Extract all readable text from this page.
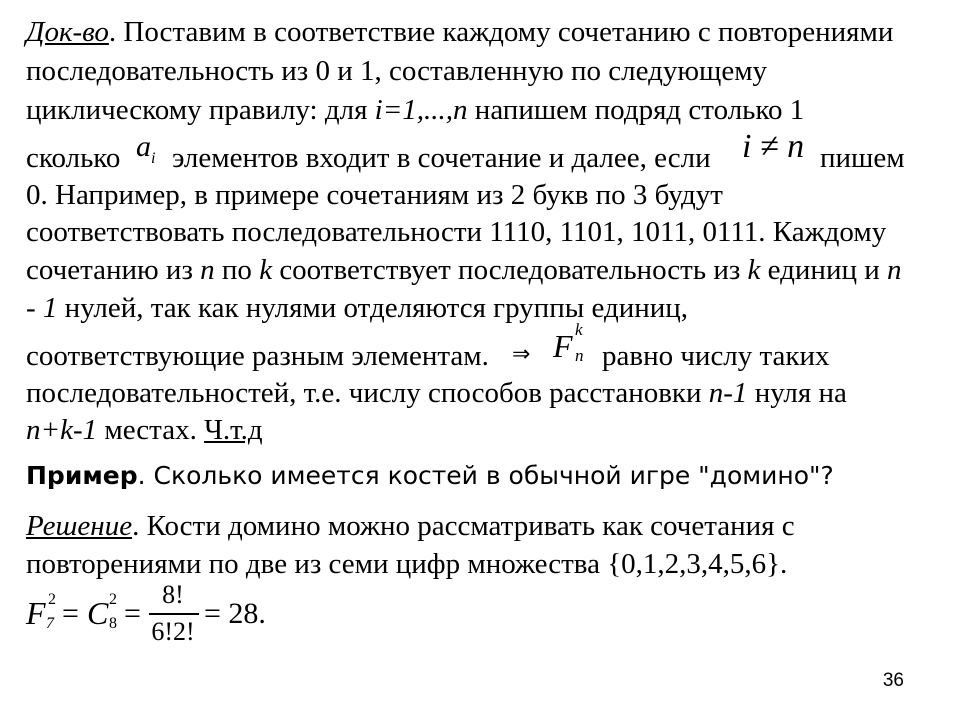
Док-во. Поставим в соответствие каждому сочетанию с повторениями
последовательность из 0 и 1, составленную по следующему
циклическому правилу: для i=1,...,n напишем подряд столько 1
сколько $a_i$ элементов входит в сочетание и далее, если i ≠ n пишем
0. Например, в примере сочетаниям из 2 букв по 3 будут
соответствовать последовательности 1110, 1101, 1011, 0111. Каждому
сочетанию из n по k соответствует последовательность из k единиц и n
- 1 нулей, так как нулями отделяются группы единиц,
соответствующие разным элементам. ⇒ F k
n равно числу таких
последовательностей, т.е. числу способов расстановки n-1 нуля на
n+k-1 местах. Ч.т.д
Пример. Сколько имеется костей в обычной игре "домино"?
Решение. Кости домино можно рассматривать как сочетания с
повторениями по две из семи цифр множества {0,1,2,3,4,5,6}.
F 2
7 = C 2
8 =
8!
6!2!
= 28.
36
